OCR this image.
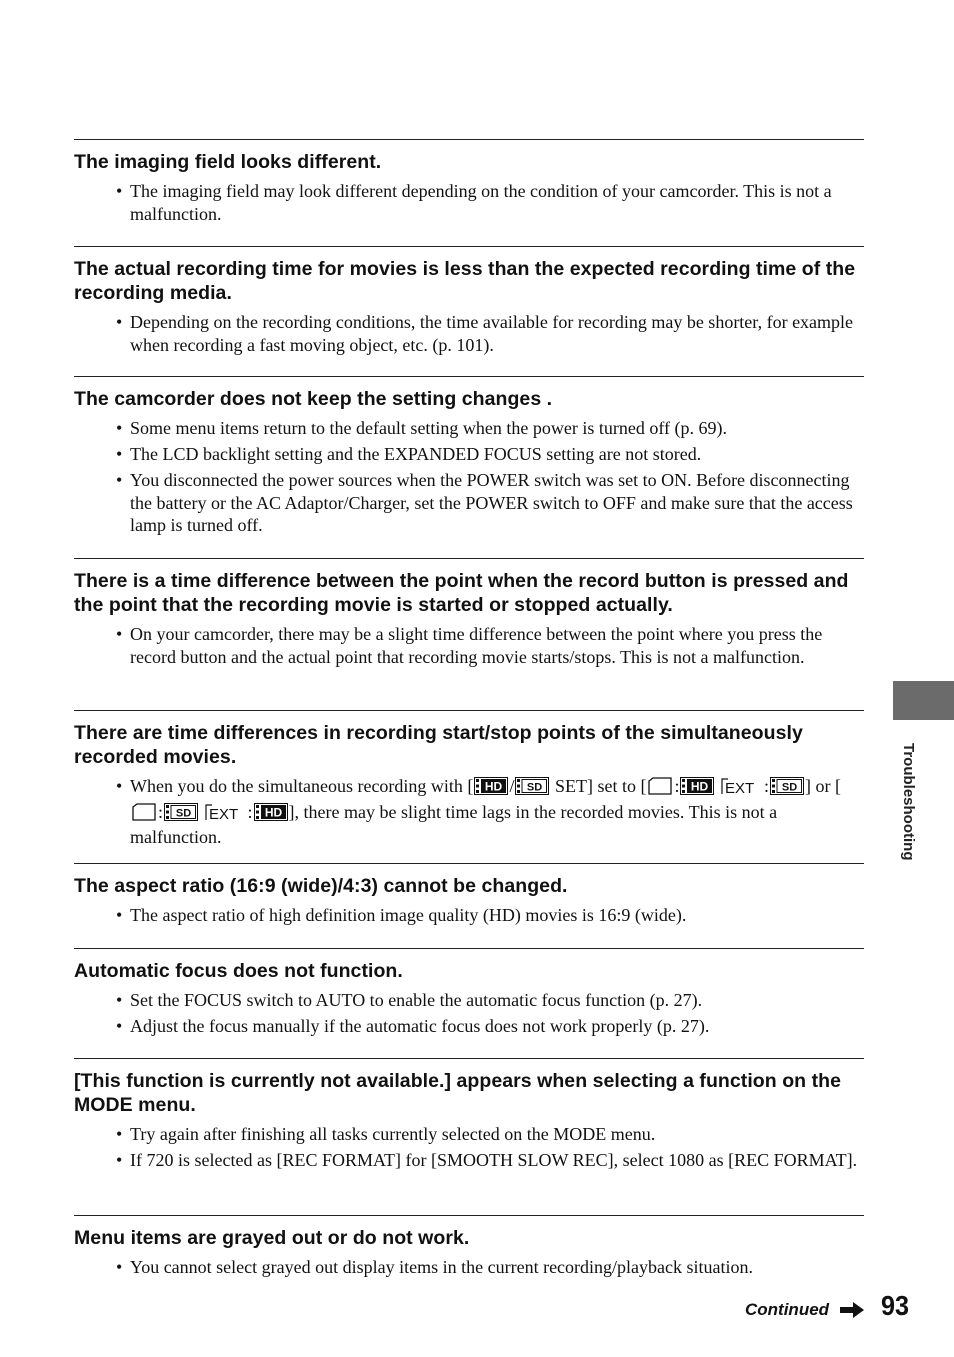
The imaging field looks different.
• The imaging field may look different depending on the condition of your camcorder. This is not a malfunction.
The actual recording time for movies is less than the expected recording time of the recording media.
• Depending on the recording conditions, the time available for recording may be shorter, for example when recording a fast moving object, etc. (p. 101).
The camcorder does not keep the setting changes .
• Some menu items return to the default setting when the power is turned off (p. 69).
• The LCD backlight setting and the EXPANDED FOCUS setting are not stored.
• You disconnected the power sources when the POWER switch was set to ON. Before disconnecting the battery or the AC Adaptor/Charger, set the POWER switch to OFF and make sure that the access lamp is turned off.
There is a time difference between the point when the record button is pressed and the point that the recording movie is started or stopped actually.
• On your camcorder, there may be a slight time difference between the point where you press the record button and the actual point that recording movie starts/stops. This is not a malfunction.
There are time differences in recording start/stop points of the simultaneously recorded movies.
• When you do the simultaneous recording with [ HD / SD SET] set to [ : HD
EXT : SD ] or [: SD
EXT : HD ], there may be slight time lags in the recorded movies. This is not a malfunction.
The aspect ratio (16:9 (wide)/4:3) cannot be changed.
• The aspect ratio of high definition image quality (HD) movies is 16:9 (wide).
Automatic focus does not function.
• Set the FOCUS switch to AUTO to enable the automatic focus function (p. 27).
• Adjust the focus manually if the automatic focus does not work properly (p. 27).
[This function is currently not available.] appears when selecting a function on the MODE menu.
• Try again after finishing all tasks currently selected on the MODE menu.
• If 720 is selected as [REC FORMAT] for [SMOOTH SLOW REC], select 1080 as [REC FORMAT].
Menu items are grayed out or do not work.
• You cannot select grayed out display items in the current recording/playback situation.
Troubleshooting
Continued 93
